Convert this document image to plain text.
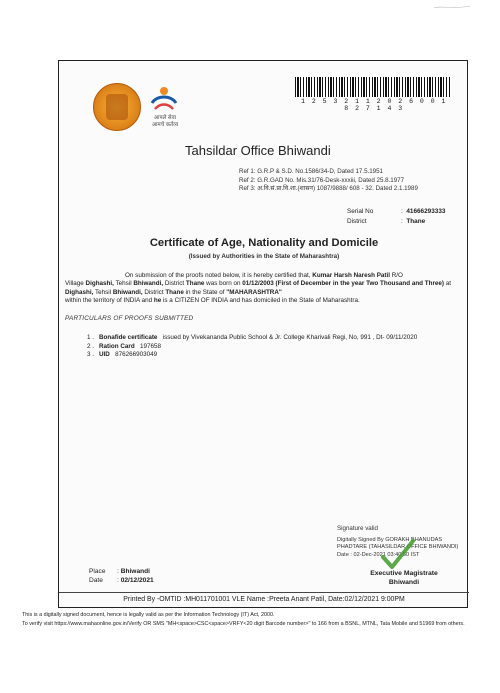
आपले सेवा
आमचे कर्तव्य
1 2 5 3 2 1 1 2 0 2 6 0 0 1 8 2 7 1 4 3
Tahsildar Office Bhiwandi
Ref 1: G.R.P & S.D. No.1586/34-D, Dated 17.5.1951
Ref 2: G.R.GAD No. Mis.31/76-Desk-xxxiii, Dated 25.8.1977
Ref 3: अ.वि.सं.प्रा.वि.शा.(शासन) 1087/9888/ 608 - 32. Dated 2.1.1989
Serial No	: 41666293333
District	: Thane
Certificate of Age, Nationality and Domicile
(Issued by Authorities in the State of Maharashtra)
On submission of the proofs noted below, it is hereby certified that, Kumar Harsh Naresh Patil R/O
Village Dighashi, Tehsil Bhiwandi, District Thane was born on 01/12/2003 (First of December in the year Two Thousand and Three) at Dighashi, Tehsil Bhiwandi, District Thane in the State of "MAHARASHTRA"
within the territory of INDIA and he is a CITIZEN OF INDIA and has domiciled in the State of Maharashtra.
PARTICULARS OF PROOFS SUBMITTED
1 . Bonafide certificate issued by Vivekananda Public School & Jr. College Kharivali Regi, No, 991 , Dt- 09/11/2020
2 . Ration Card 197658
3 . UID 876266903049
Signature valid
Digitally Signed By GORAKH BHANUDAS
PHADTARE (TAHASILDAR OFFICE BHIWANDI)
Date : 02-Dec-2021 03:40:50 IST
Place : Bhiwandi
Date : 02/12/2021
Executive Magistrate
Bhiwandi
Printed By -OMTID :MH011701001 VLE Name :Preeta Anant Patil, Date:02/12/2021 9:00PM
This is a digitally signed document, hence is legally valid as per the Information Technology (IT) Act, 2000.
To verify visit https://www.mahaonline.gov.in/Verify OR SMS "MH<space>CSC<space>VRFY<20 digit Barcode number>" to 166 from a BSNL, MTNL, Tata Mobile and 51969 from others.
